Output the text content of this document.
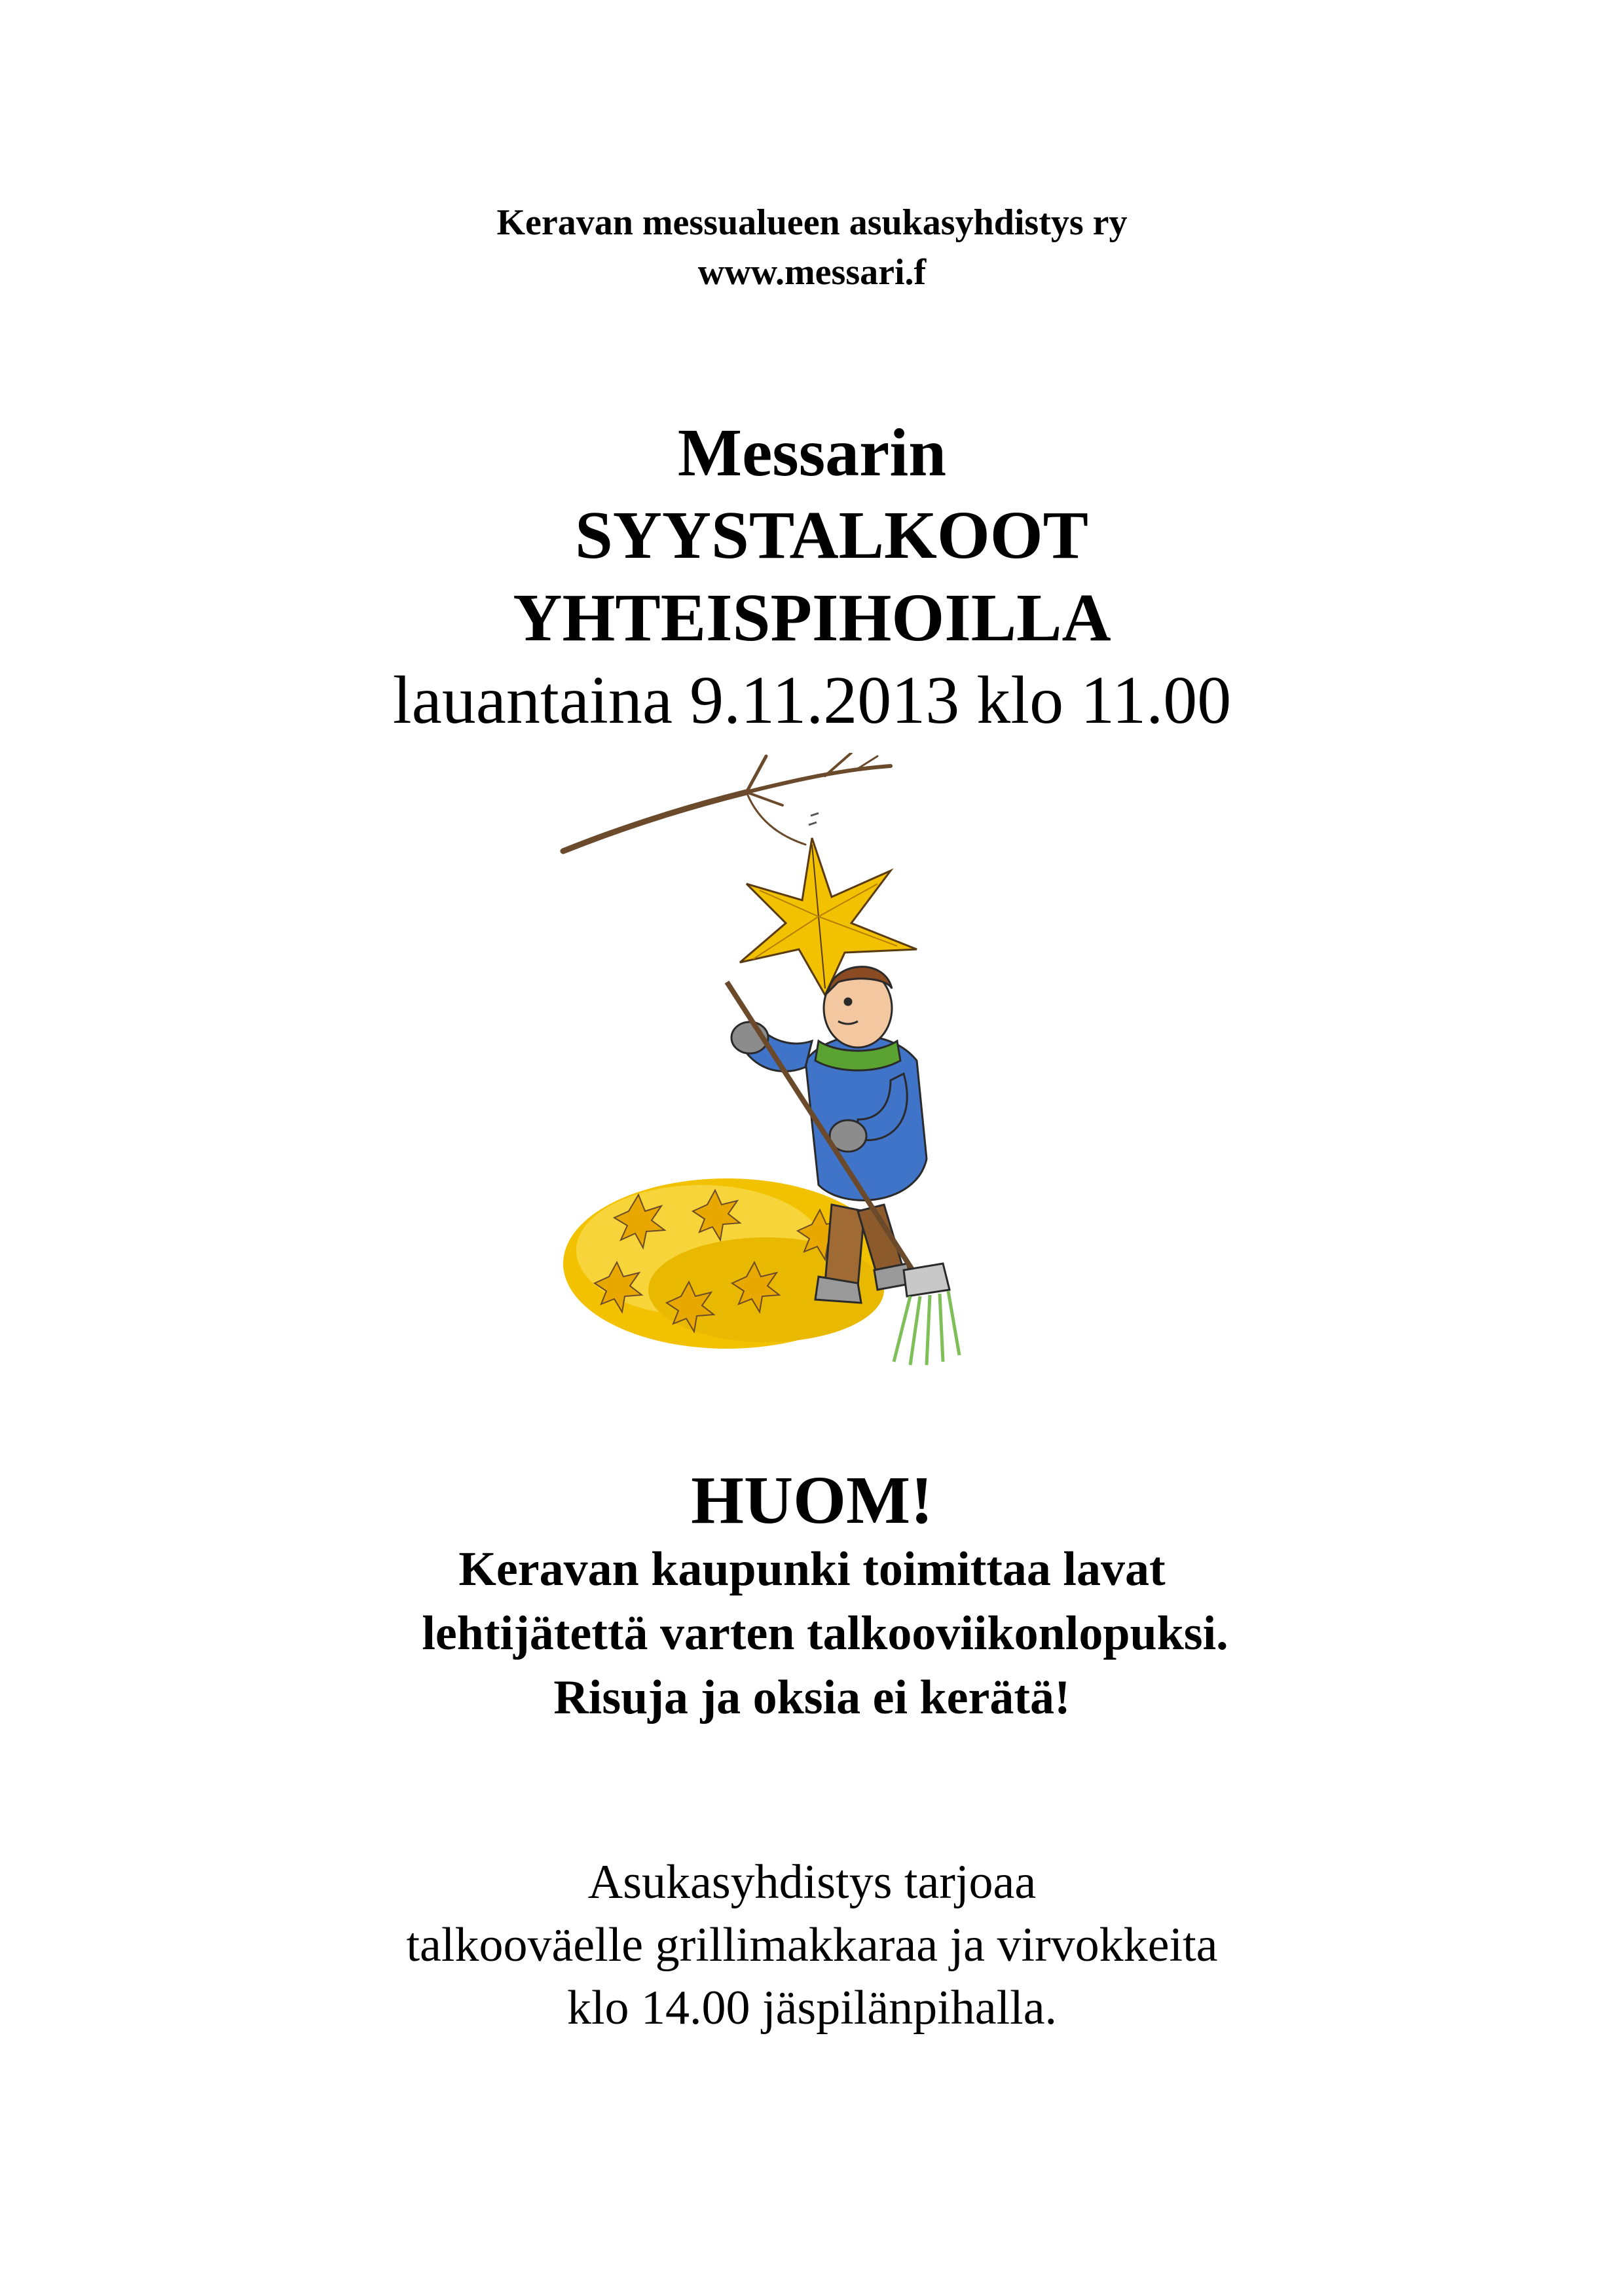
Keravan messualueen asukasyhdistys ry
www.messari.f
Messarin
SYYSTALKOOT
YHTEISPIHOILLA
lauantaina 9.11.2013 klo 11.00
HUOM!
Keravan kaupunki toimittaa lavat
lehtijätettä varten talkooviikonlopuksi.
Risuja ja oksia ei kerätä!
Asukasyhdistys tarjoaa
talkooväelle grillimakkaraa ja virvokkeita
klo 14.00 jäspilänpihalla.
